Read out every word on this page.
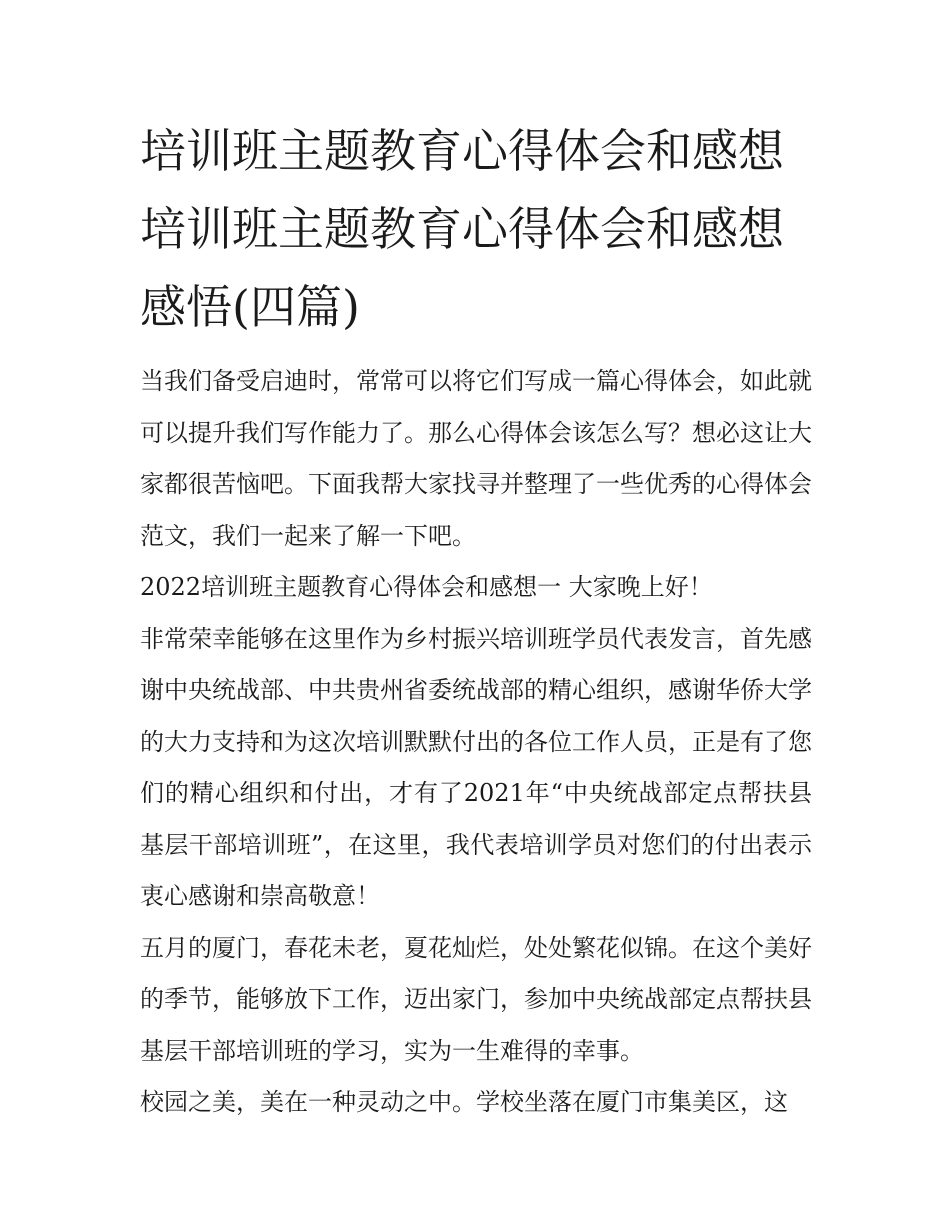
培训班主题教育心得体会和感想 培训班主题教育心得体会和感想感悟(四篇)

当我们备受启迪时，常常可以将它们写成一篇心得体会，如此就可以提升我们写作能力了。那么心得体会该怎么写？想必这让大家都很苦恼吧。下面我帮大家找寻并整理了一些优秀的心得体会范文，我们一起来了解一下吧。

2022培训班主题教育心得体会和感想一 大家晚上好！

非常荣幸能够在这里作为乡村振兴培训班学员代表发言，首先感谢中央统战部、中共贵州省委统战部的精心组织，感谢华侨大学的大力支持和为这次培训默默付出的各位工作人员，正是有了您们的精心组织和付出，才有了2021年“中央统战部定点帮扶县基层干部培训班”，在这里，我代表培训学员对您们的付出表示衷心感谢和崇高敬意！

五月的厦门，春花未老，夏花灿烂，处处繁花似锦。在这个美好的季节，能够放下工作，迈出家门，参加中央统战部定点帮扶县基层干部培训班的学习，实为一生难得的幸事。

校园之美，美在一种灵动之中。学校坐落在厦门市集美区，这
